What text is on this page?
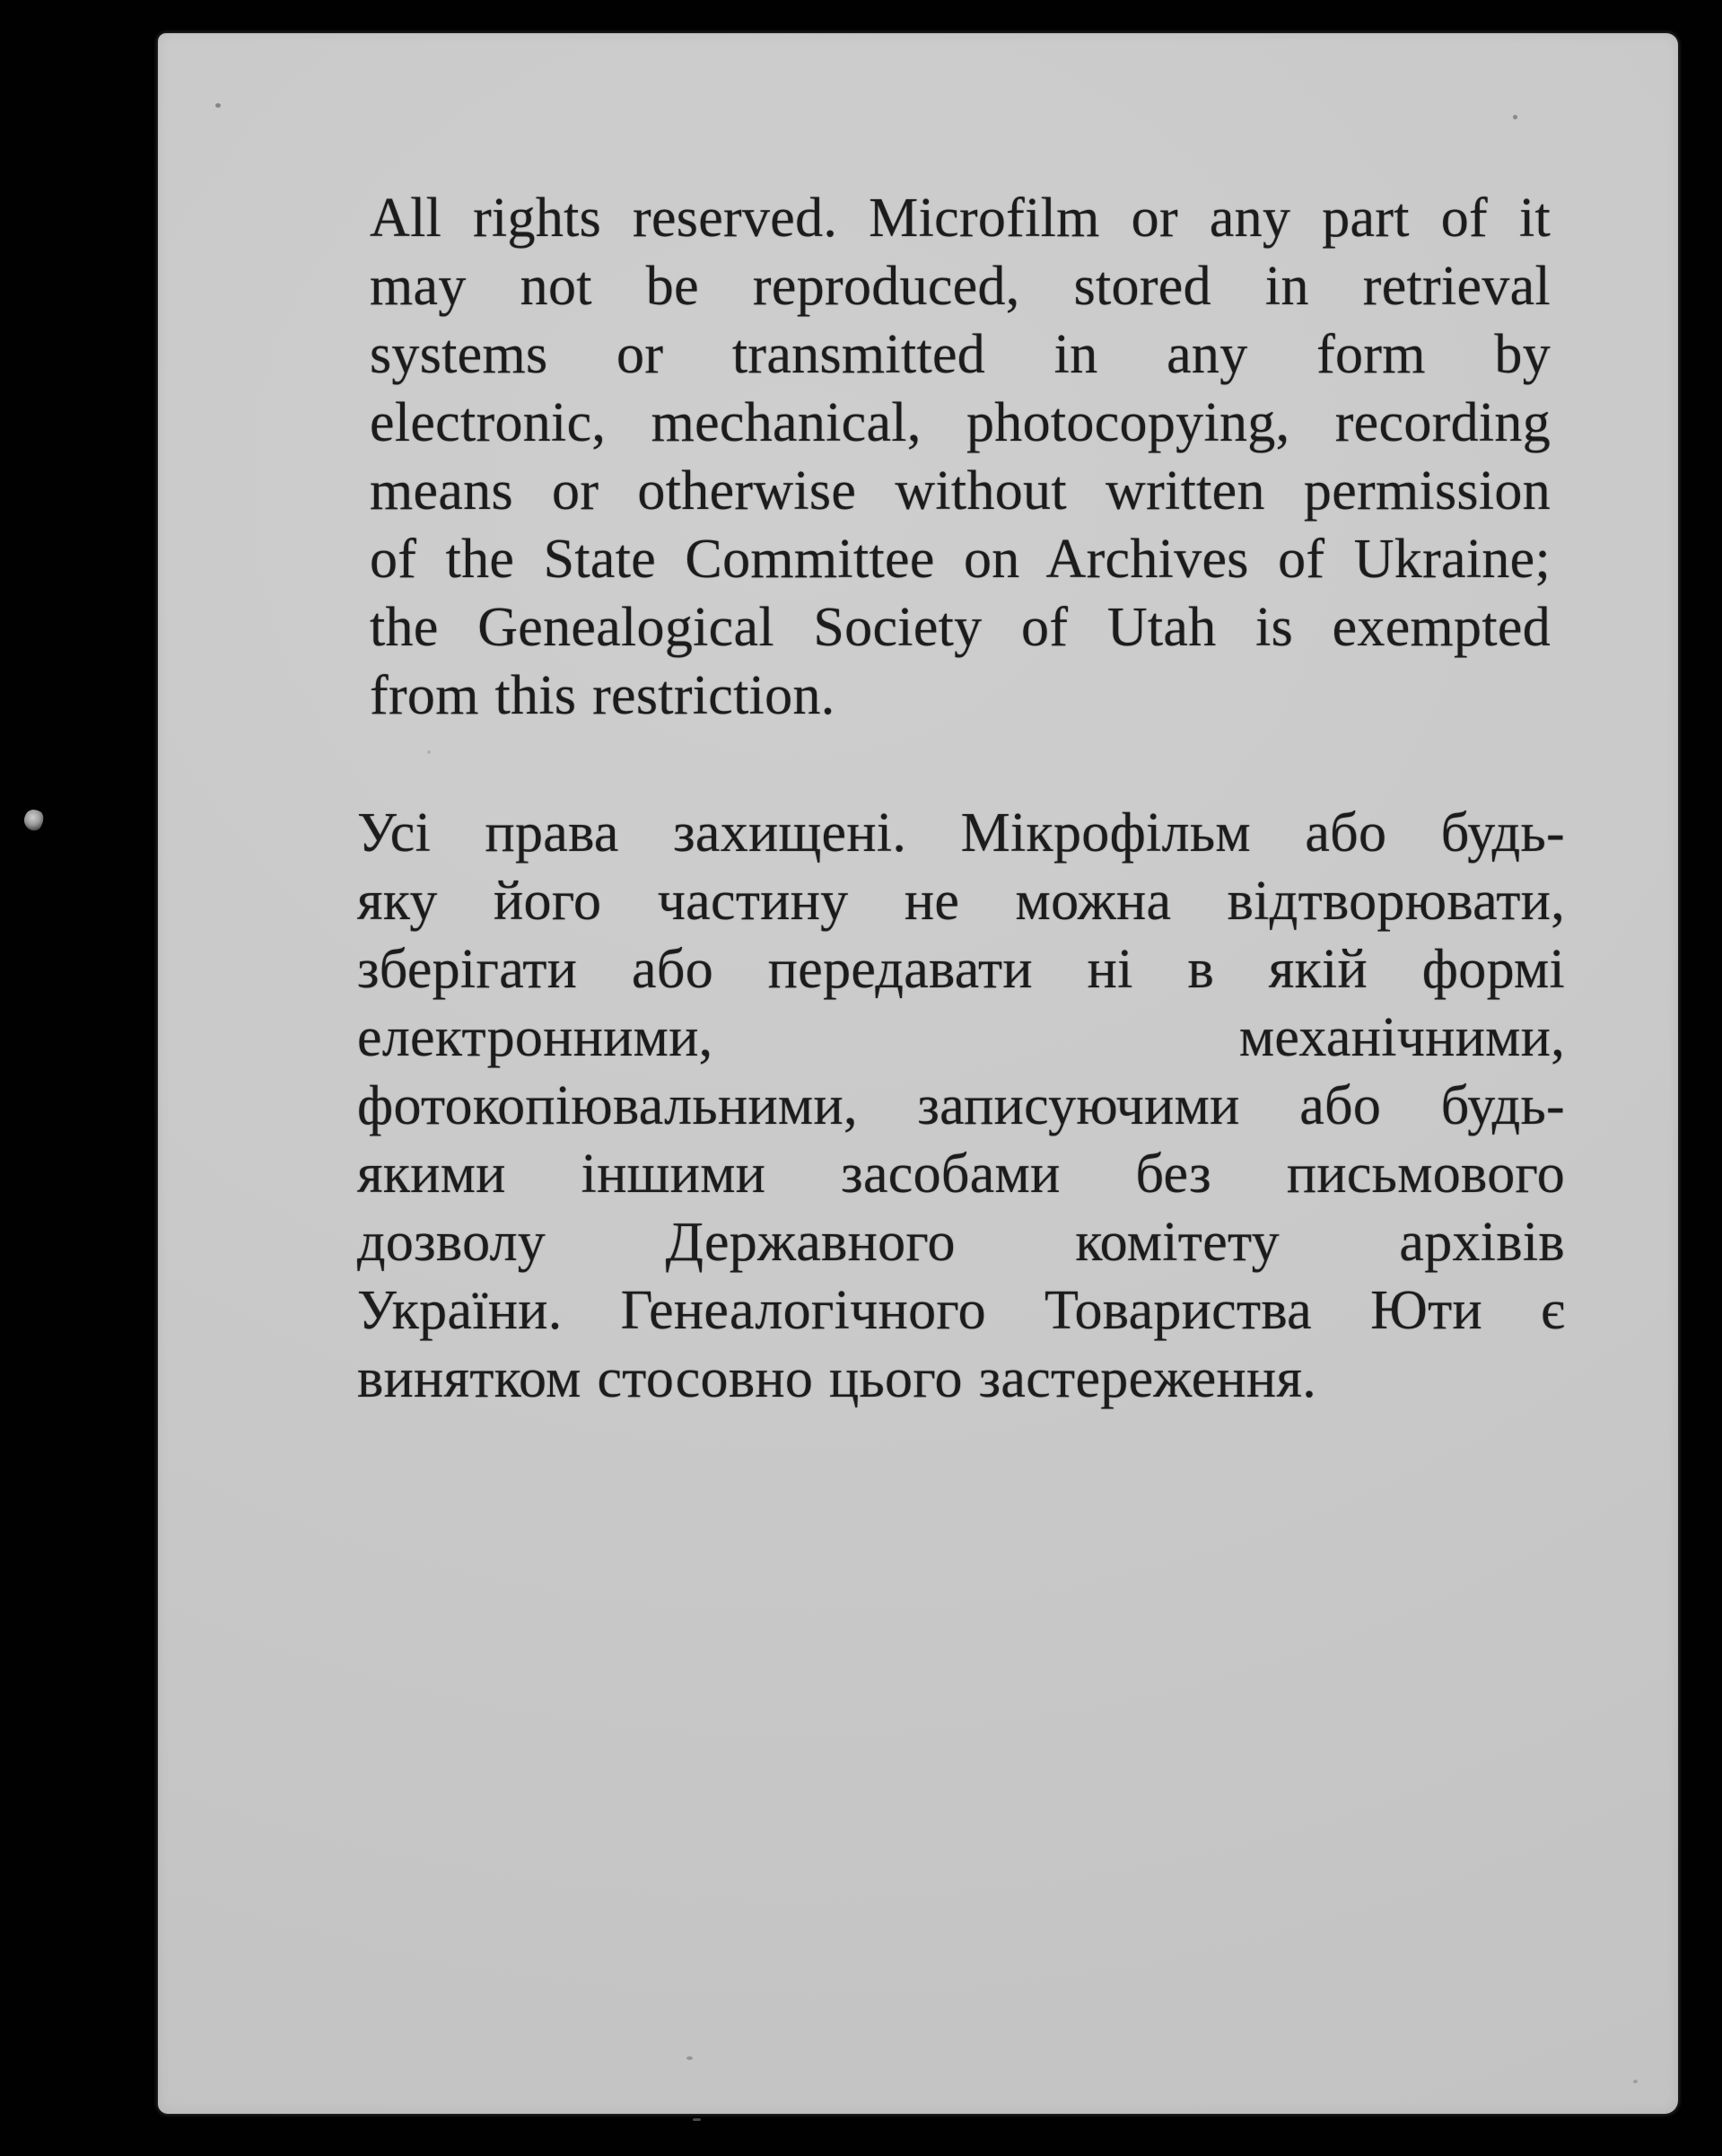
All rights reserved. Microfilm or any part of it
may not be reproduced, stored in retrieval
systems or transmitted in any form by
electronic, mechanical, photocopying, recording
means or otherwise without written permission
of the State Committee on Archives of Ukraine;
the Genealogical Society of Utah is exempted
from this restriction.
Усі права захищені. Мікрофільм або будь-
яку його частину не можна відтворювати,
зберігати або передавати ні в якій формі
електронними, механічними,
фотокопіювальними, записуючими або будь-
якими іншими засобами без письмового
дозволу Державного комітету архівів
України. Генеалогічного Товариства Юти є
винятком стосовно цього застереження.
